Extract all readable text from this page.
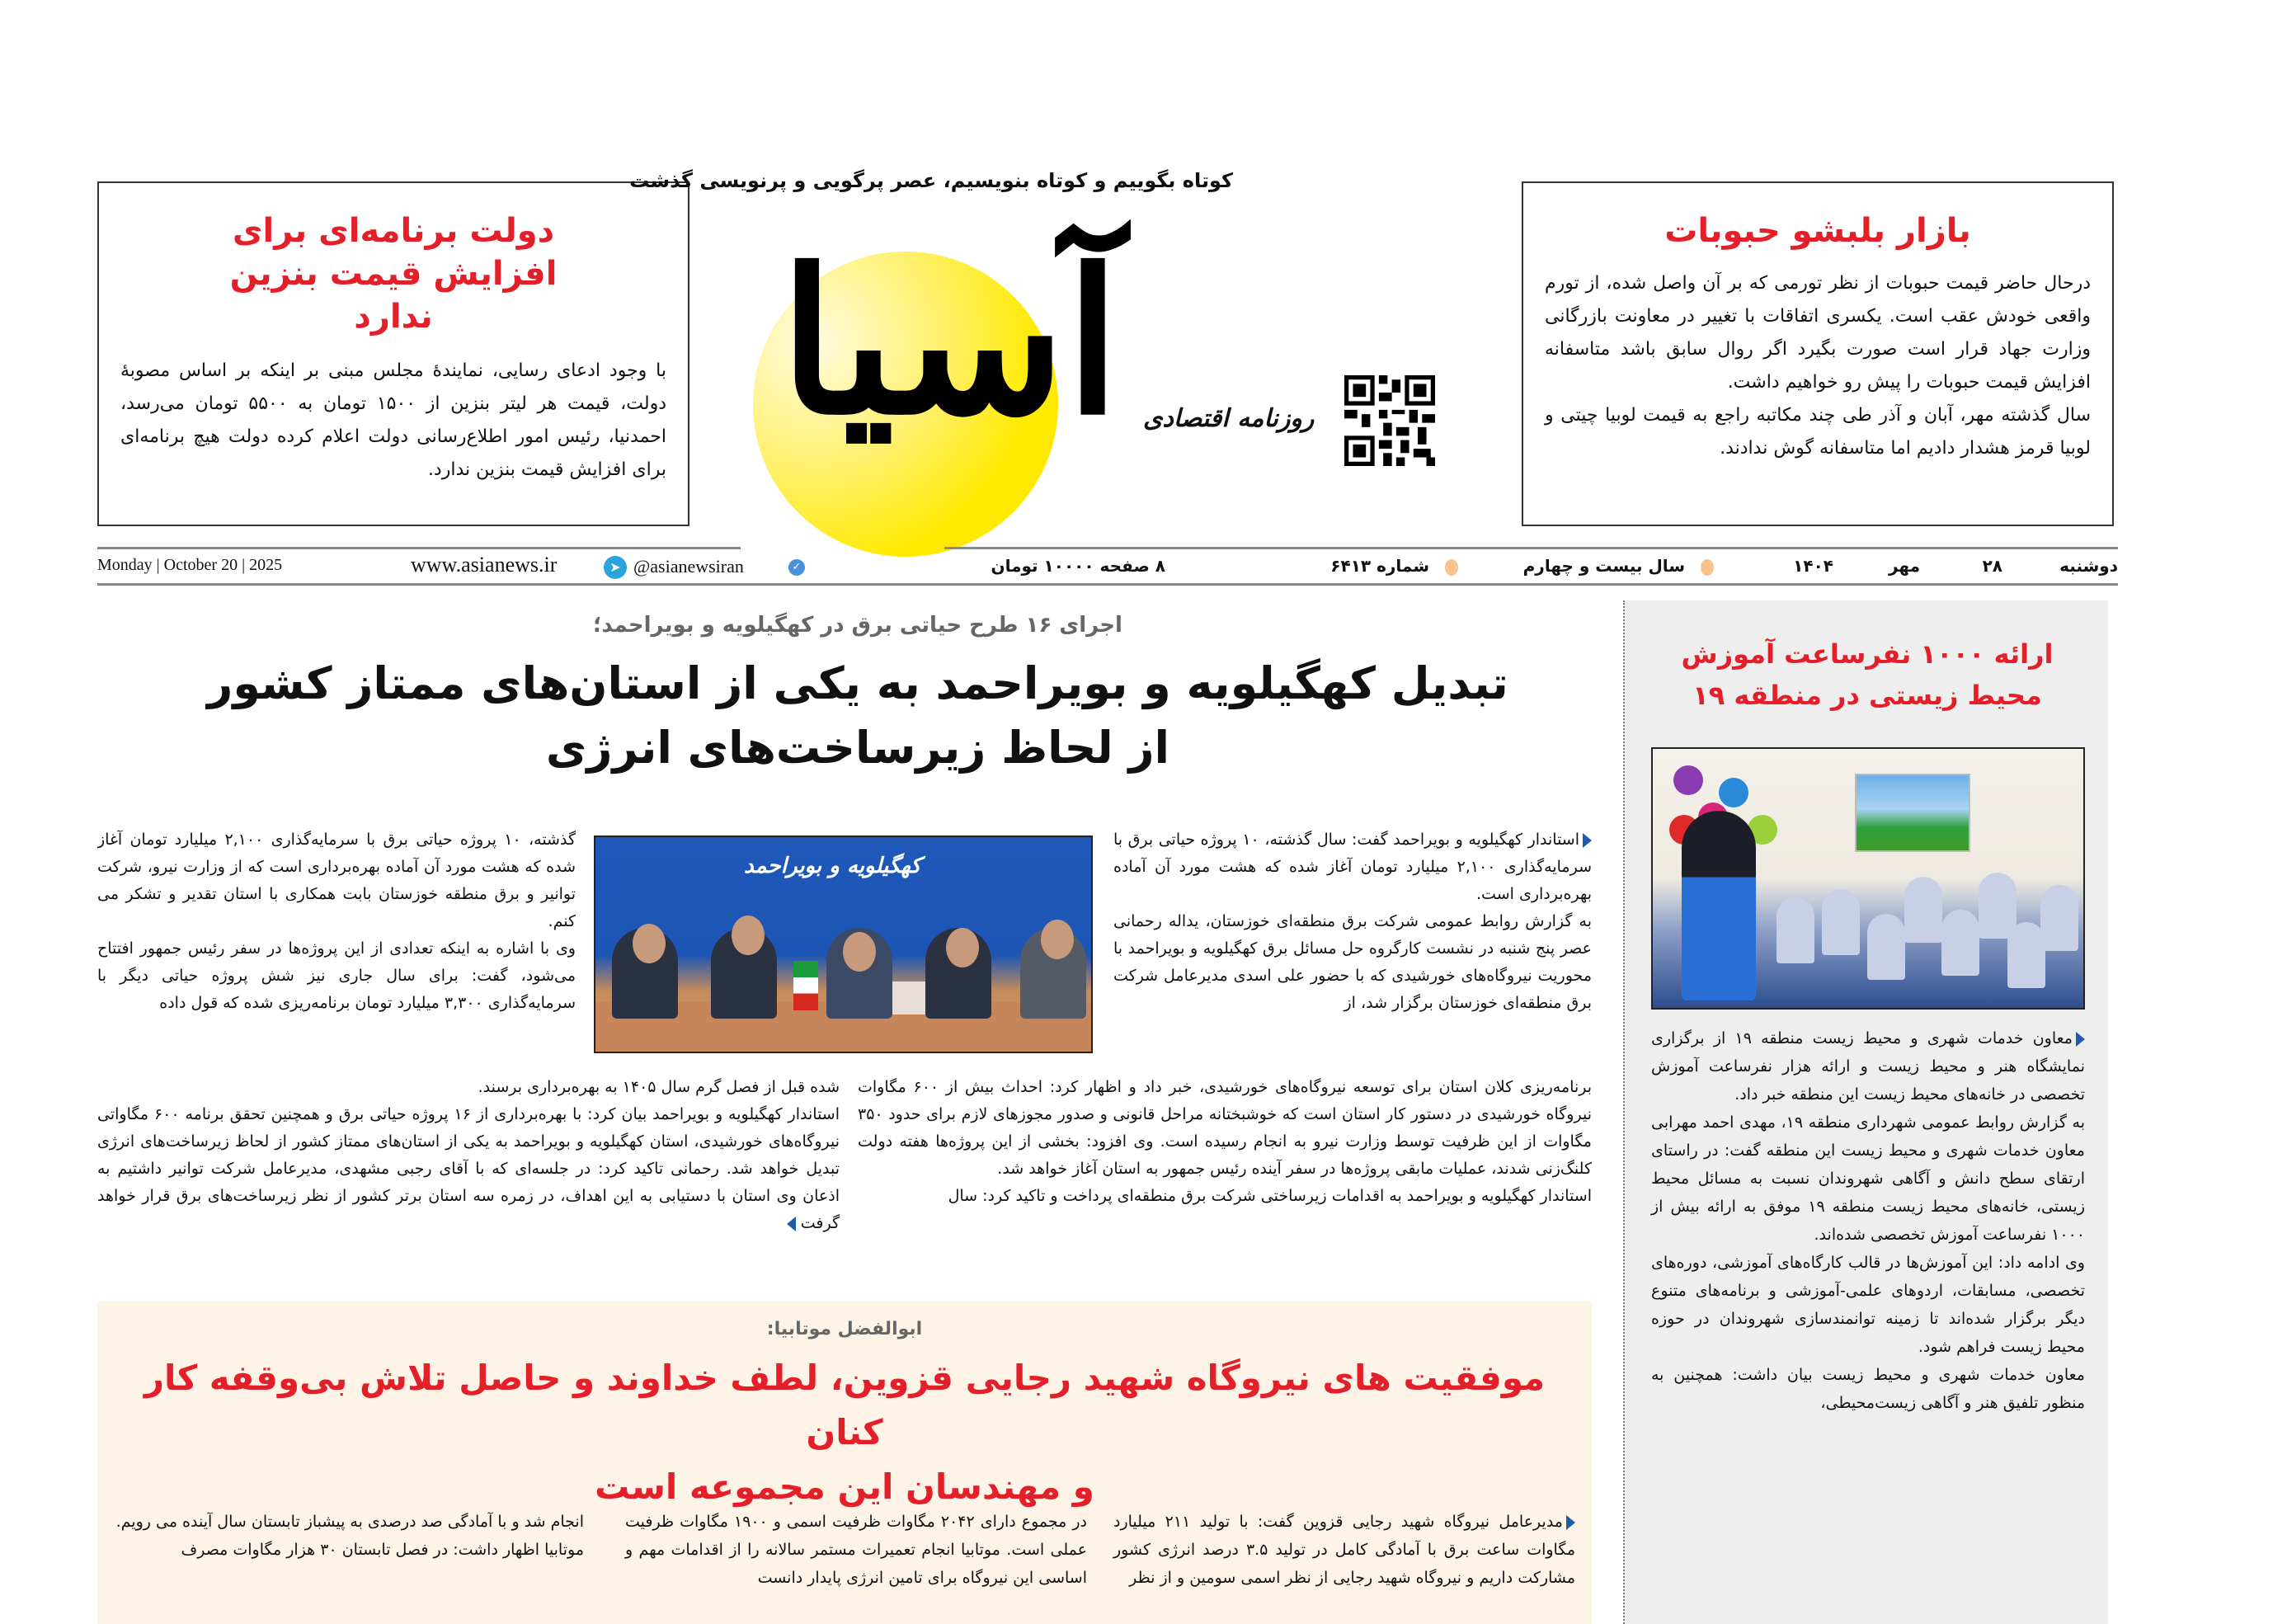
دولت برنامه‌ای برای افزایش قیمت بنزین ندارد

با وجود ادعای رسایی، نمایندهٔ مجلس مبنی بر اینکه بر اساس مصوبهٔ دولت، قیمت هر لیتر بنزین از ۱۵۰۰ تومان به ۵۵۰۰ تومان می‌رسد، احمدنیا، رئیس امور اطلاع‌رسانی دولت اعلام کرده دولت هیچ برنامه‌ای برای افزایش قیمت بنزین ندارد.

بازار بلبشو حبوبات

درحال حاضر قیمت حبوبات از نظر تورمی که بر آن واصل شده، از تورم واقعی خودش عقب است. یکسری اتفاقات با تغییر در معاونت بازرگانی وزارت جهاد قرار است صورت بگیرد اگر روال سابق باشد متاسفانه افزایش قیمت حبوبات را پیش رو خواهیم داشت.

سال گذشته مهر، آبان و آذر طی چند مکاتبه راجع به قیمت لوبیا چیتی و لوبیا قرمز هشدار دادیم اما متاسفانه گوش ندادند.

کوتاه بگوییم و کوتاه بنویسیم، عصر پرگویی و پرنویسی گذشت
آسیا روزنامه اقتصادی
دوشنبه
۲۸
مهر
۱۴۰۴
سال بیست و چهارم
شماره ۶۴۱۳
۸ صفحه ۱۰۰۰۰ تومان
✓
@asianewsiran
➤
www.asianews.ir
Monday | October 20 | 2025
اجرای ۱۶ طرح حیاتی برق در کهگیلویه و بویراحمد؛
تبدیل کهگیلویه و بویراحمد به یکی از استان‌های ممتاز کشور
از لحاظ زیرساخت‌های انرژی

استاندار کهگیلویه و بویراحمد گفت: سال گذشته، ۱۰ پروژه حیاتی برق با سرمایه‌گذاری ۲,۱۰۰ میلیارد تومان آغاز شده که هشت مورد آن آماده بهره‌برداری است.

به گزارش روابط عمومی شرکت برق منطقه‌ای خوزستان، یداله رحمانی عصر پنج شنبه در نشست کارگروه حل مسائل برق کهگیلویه و بویراحمد با محوریت نیروگاه‌های خورشیدی که با حضور علی اسدی مدیرعامل شرکت برق منطقه‌ای خوزستان برگزار شد، از

برنامه‌ریزی کلان استان برای توسعه نیروگاه‌های خورشیدی، خبر داد و اظهار کرد: احداث بیش از ۶۰۰ مگاوات نیروگاه خورشیدی در دستور کار استان است که خوشبختانه مراحل قانونی و صدور مجوزهای لازم برای حدود ۳۵۰ مگاوات از این ظرفیت توسط وزارت نیرو به انجام رسیده است. وی افزود: بخشی از این پروژه‌ها هفته دولت کلنگ‌زنی شدند، عملیات مابقی پروژه‌ها در سفر آینده رئیس جمهور به استان آغاز خواهد شد.

استاندار کهگیلویه و بویراحمد به اقدامات زیرساختی شرکت برق منطقه‌ای پرداخت و تاکید کرد: سال

کهگیلویه و بویراحمد

گذشته، ۱۰ پروژه حیاتی برق با سرمایه‌گذاری ۲,۱۰۰ میلیارد تومان آغاز شده که هشت مورد آن آماده بهره‌برداری است که از وزارت نیرو، شرکت توانیر و برق منطقه خوزستان بابت همکاری با استان تقدیر و تشکر می کنم.

وی با اشاره به اینکه تعدادی از این پروژه‌ها در سفر رئیس جمهور افتتاح می‌شود، گفت: برای سال جاری نیز شش پروژه حیاتی دیگر با سرمایه‌گذاری ۳,۳۰۰ میلیارد تومان برنامه‌ریزی شده که قول داده

شده قبل از فصل گرم سال ۱۴۰۵ به بهره‌برداری برسند.

استاندار کهگیلویه و بویراحمد بیان کرد: با بهره‌برداری از ۱۶ پروژه حیاتی برق و همچنین تحقق برنامه ۶۰۰ مگاواتی نیروگاه‌های خورشیدی، استان کهگیلویه و بویراحمد به یکی از استان‌های ممتاز کشور از لحاظ زیرساخت‌های انرژی تبدیل خواهد شد. رحمانی تاکید کرد: در جلسه‌ای که با آقای رجبی مشهدی، مدیرعامل شرکت توانیر داشتیم به اذعان وی استان با دستیابی به این اهداف، در زمره سه استان برتر کشور از نظر زیرساخت‌های برق قرار خواهد گرفت

ارائه ۱۰۰۰ نفرساعت آموزش
محیط زیستی در منطقه ۱۹

معاون خدمات شهری و محیط زیست منطقه ۱۹ از برگزاری نمایشگاه هنر و محیط زیست و ارائه هزار نفرساعت آموزش تخصصی در خانه‌های محیط زیست این منطقه خبر داد.

به گزارش روابط عمومی شهرداری منطقه ۱۹، مهدی احمد مهرابی معاون خدمات شهری و محیط زیست این منطقه گفت: در راستای ارتقای سطح دانش و آگاهی شهروندان نسبت به مسائل محیط زیستی، خانه‌های محیط زیست منطقه ۱۹ موفق به ارائه بیش از ۱۰۰۰ نفرساعت آموزش تخصصی شده‌اند.

وی ادامه داد: این آموزش‌ها در قالب کارگاه‌های آموزشی، دوره‌های تخصصی، مسابقات، اردوهای علمی-آموزشی و برنامه‌های متنوع دیگر برگزار شده‌اند تا زمینه توانمندسازی شهروندان در حوزه محیط زیست فراهم شود.

معاون خدمات شهری و محیط زیست بیان داشت: همچنین به منظور تلفیق هنر و آگاهی زیست‌محیطی،

ابوالفضل موتابیا:
موفقیت های نیروگاه شهید رجایی قزوین، لطف خداوند و حاصل تلاش بی‌وقفه کار کنان
و مهندسان این مجموعه است

مدیرعامل نیروگاه شهید رجایی قزوین گفت: با تولید ۲۱۱ میلیارد مگاوات ساعت برق با آمادگی کامل در تولید ۳.۵ درصد انرژی کشور مشارکت داریم و نیروگاه شهید رجایی از نظر اسمی سومین و از نظر

در مجموع دارای ۲۰۴۲ مگاوات ظرفیت اسمی و ۱۹۰۰ مگاوات ظرفیت عملی است. موتابیا انجام تعمیرات مستمر سالانه را از اقدامات مهم و اساسی این نیروگاه برای تامین انرژی پایدار دانست

انجام شد و با آمادگی صد درصدی به پیشباز تابستان سال آینده می رویم.

موتابیا اظهار داشت: در فصل تابستان ۳۰ هزار مگاوات مصرف
